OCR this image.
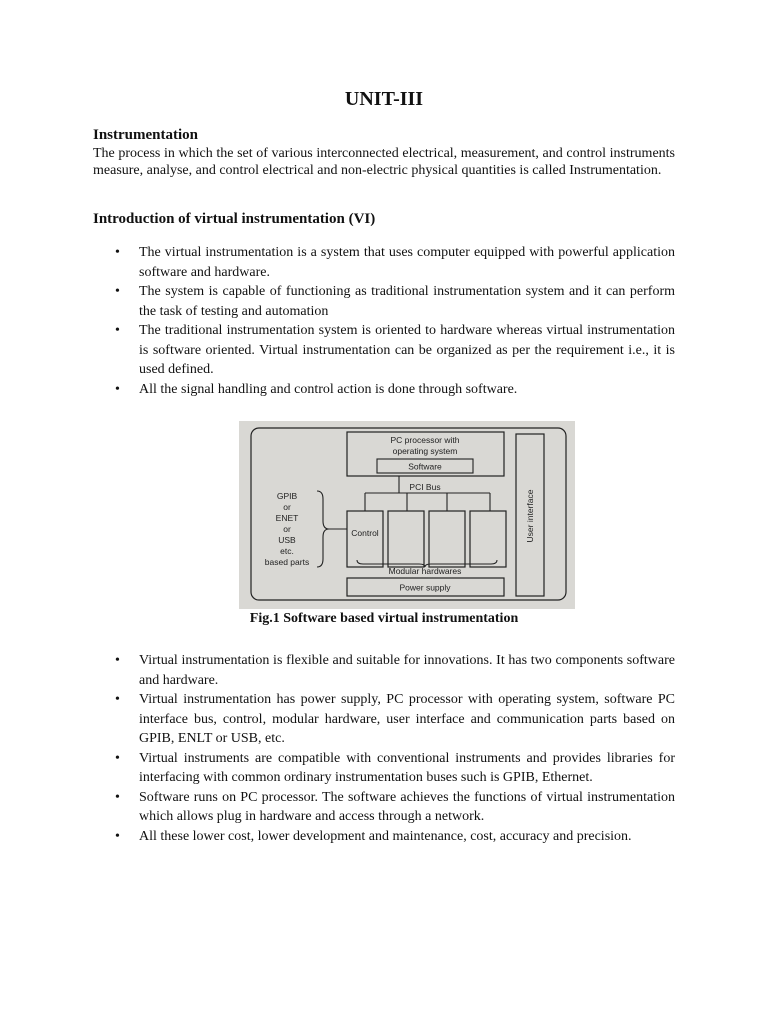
UNIT-III
Instrumentation

The process in which the set of various interconnected electrical, measurement, and control instruments measure, analyse, and control electrical and non-electric physical quantities is called Instrumentation.

Introduction of virtual instrumentation (VI)
• The virtual instrumentation is a system that uses computer equipped with powerful application software and hardware.
• The system is capable of functioning as traditional instrumentation system and it can perform the task of testing and automation
• The traditional instrumentation system is oriented to hardware whereas virtual instrumentation is software oriented. Virtual instrumentation can be organized as per the requirement i.e., it is used defined.
• All the signal handling and control action is done through software.

Fig.1 Software based virtual instrumentation

• Virtual instrumentation is flexible and suitable for innovations. It has two components software and hardware.
• Virtual instrumentation has power supply, PC processor with operating system, software PC interface bus, control, modular hardware, user interface and communication parts based on GPIB, ENLT or USB, etc.
• Virtual instruments are compatible with conventional instruments and provides libraries for interfacing with common ordinary instrumentation buses such is GPIB, Ethernet.
• Software runs on PC processor. The software achieves the functions of virtual instrumentation which allows plug in hardware and access through a network.
• All these lower cost, lower development and maintenance, cost, accuracy and precision.
PC processor with
operating system
Software
PCI Bus
Control
Modular hardwares
Power supply
User interface
GPIB
or
ENET
or
USB
etc.
based parts
